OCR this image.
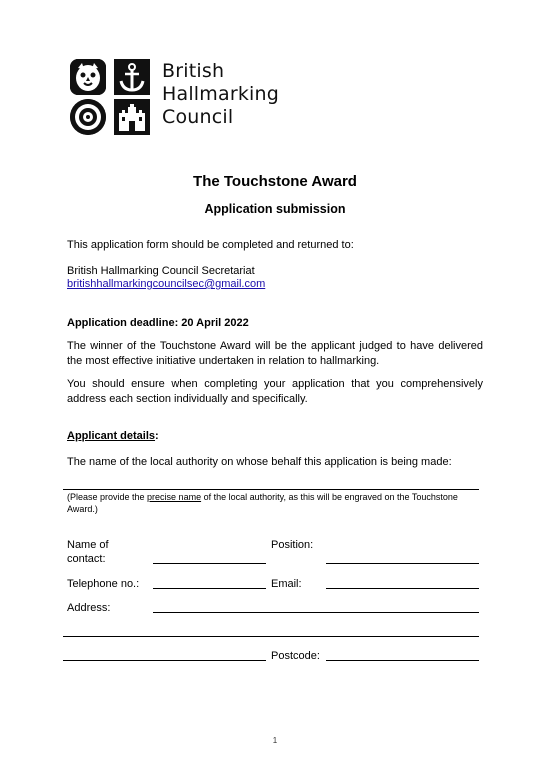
British
Hallmarking
Council
The Touchstone Award
Application submission
This application form should be completed and returned to:
British Hallmarking Council Secretariat
britishhallmarkingcouncilsec@gmail.com
Application deadline: 20 April 2022
The winner of the Touchstone Award will be the applicant judged to have delivered the most effective initiative undertaken in relation to hallmarking.
You should ensure when completing your application that you comprehensively address each section individually and specifically.
Applicant details:
The name of the local authority on whose behalf this application is being made:
(Please provide the precise name of the local authority, as this will be engraved on the Touchstone Award.)
Name of
contact:
Position:
Telephone no.:	Email:
Address:
Postcode:
1
